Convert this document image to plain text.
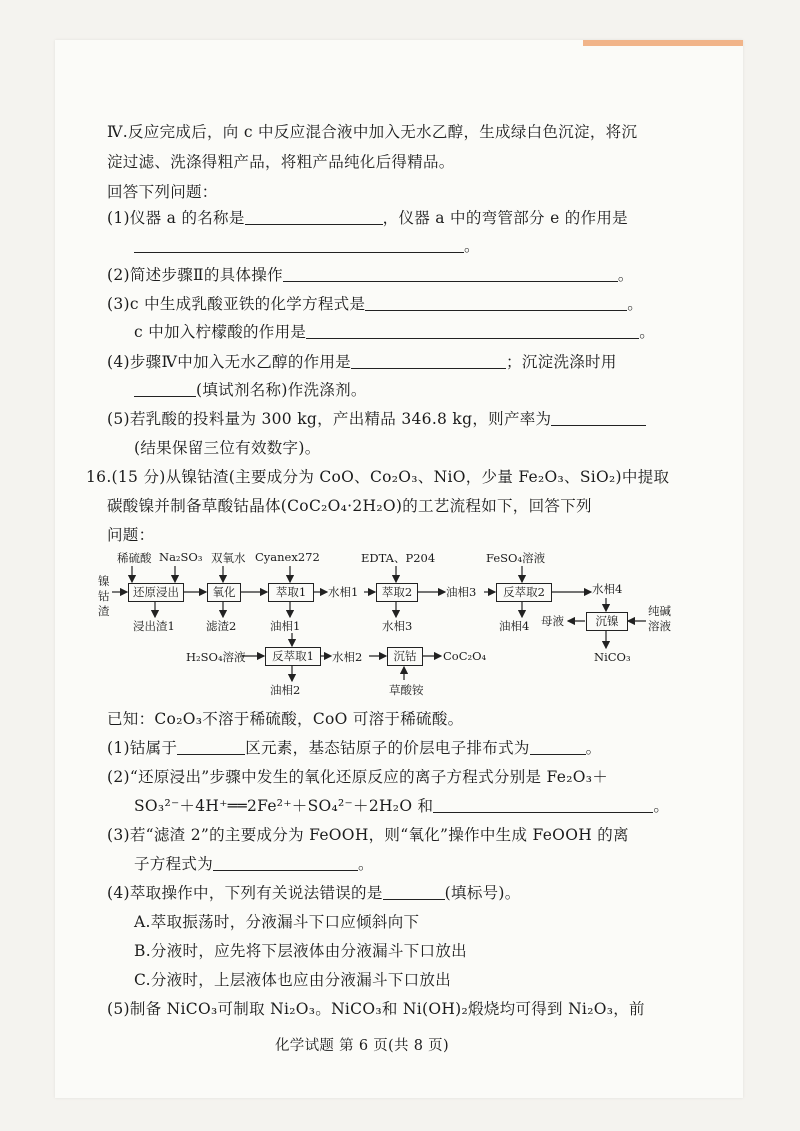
Ⅳ.反应完成后，向 c 中反应混合液中加入无水乙醇，生成绿白色沉淀，将沉
淀过滤、洗涤得粗产品，将粗产品纯化后得精品。
回答下列问题：
(1)仪器 a 的名称是	，仪器 a 中的弯管部分 e 的作用是
。
(2)简述步骤Ⅱ的具体操作	。
(3)c 中生成乳酸亚铁的化学方程式是	。
c 中加入柠檬酸的作用是	。
(4)步骤Ⅳ中加入无水乙醇的作用是	；沉淀洗涤时用
(填试剂名称)作洗涤剂。
(5)若乳酸的投料量为 300 kg，产出精品 346.8 kg，则产率为
(结果保留三位有效数字)。
16.(15 分)从镍钴渣(主要成分为 CoO、Co₂O₃、NiO，少量 Fe₂O₃、SiO₂)中提取
碳酸镍并制备草酸钴晶体(CoC₂O₄·2H₂O)的工艺流程如下，回答下列
问题：
镍
钴
渣
稀硫酸 Na₂SO₃ 双氧水 Cyanex272	EDTA、P204	FeSO₄溶液
还原浸出	氧化	萃取1	萃取2	反萃取2
沉镍
反萃取1	沉钴
浸出渣1	滤渣2	油相1
水相1
水相3
油相3
油相4
水相4
母液
纯碱
溶液
NiCO₃
H₂SO₄溶液	水相2	CoC₂O₄
油相2	草酸铵
已知：Co₂O₃不溶于稀硫酸，CoO 可溶于稀硫酸。
(1)钴属于	区元素，基态钴原子的价层电子排布式为	。
(2)“还原浸出”步骤中发生的氧化还原反应的离子方程式分别是 Fe₂O₃＋
SO₃²⁻＋4H⁺══2Fe²⁺＋SO₄²⁻＋2H₂O 和	。
(3)若“滤渣 2”的主要成分为 FeOOH，则“氧化”操作中生成 FeOOH 的离
子方程式为	。
(4)萃取操作中，下列有关说法错误的是	(填标号)。
A.萃取振荡时，分液漏斗下口应倾斜向下
B.分液时，应先将下层液体由分液漏斗下口放出
C.分液时，上层液体也应由分液漏斗下口放出
(5)制备 NiCO₃可制取 Ni₂O₃。NiCO₃和 Ni(OH)₂煅烧均可得到 Ni₂O₃，前
化学试题 第 6 页(共 8 页)
